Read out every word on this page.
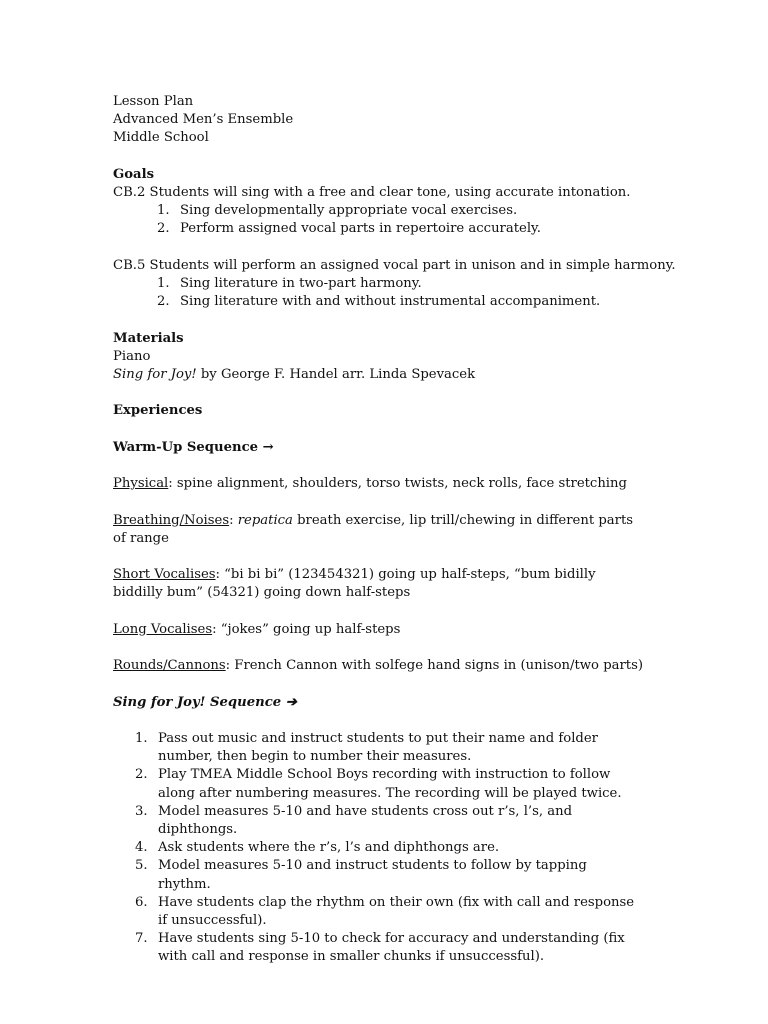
Lesson Plan
Advanced Men’s Ensemble
Middle School
Goals
CB.2 Students will sing with a free and clear tone, using accurate intonation.
1. Sing developmentally appropriate vocal exercises.
2. Perform assigned vocal parts in repertoire accurately.
CB.5 Students will perform an assigned vocal part in unison and in simple harmony.
1. Sing literature in two-part harmony.
2. Sing literature with and without instrumental accompaniment.
Materials
Piano
Sing for Joy! by George F. Handel arr. Linda Spevacek
Experiences
Warm-Up Sequence →
Physical: spine alignment, shoulders, torso twists, neck rolls, face stretching
Breathing/Noises: repatica breath exercise, lip trill/chewing in different parts of range
Short Vocalises: “bi bi bi” (123454321) going up half-steps, “bum bidilly biddilly bum” (54321) going down half-steps
Long Vocalises: “jokes” going up half-steps
Rounds/Cannons: French Cannon with solfege hand signs in (unison/two parts)
Sing for Joy! Sequence ➔
1. Pass out music and instruct students to put their name and folder number, then begin to number their measures.
2. Play TMEA Middle School Boys recording with instruction to follow along after numbering measures. The recording will be played twice.
3. Model measures 5-10 and have students cross out r’s, l’s, and diphthongs.
4. Ask students where the r’s, l’s and diphthongs are.
5. Model measures 5-10 and instruct students to follow by tapping rhythm.
6. Have students clap the rhythm on their own (fix with call and response if unsuccessful).
7. Have students sing 5-10 to check for accuracy and understanding (fix with call and response in smaller chunks if unsuccessful).
